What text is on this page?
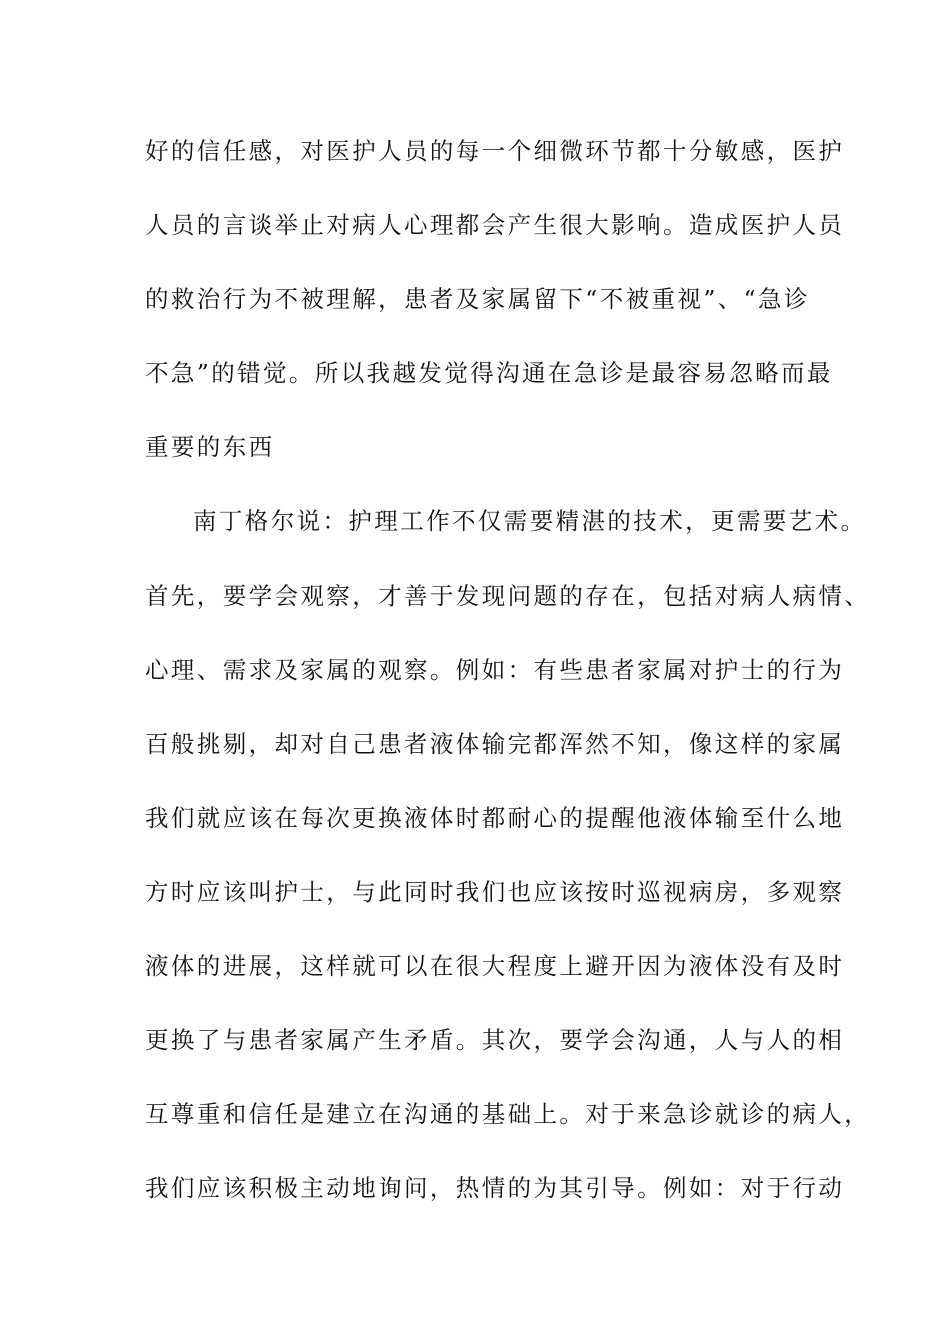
好的信任感，对医护人员的每一个细微环节都十分敏感，医护
人员的言谈举止对病人心理都会产生很大影响。造成医护人员
的救治行为不被理解，患者及家属留下“不被重视”、“急诊
不急”的错觉。所以我越发觉得沟通在急诊是最容易忽略而最
重要的东西
南丁格尔说：护理工作不仅需要精湛的技术，更需要艺术。
首先，要学会观察，才善于发现问题的存在，包括对病人病情、
心理、需求及家属的观察。例如：有些患者家属对护士的行为
百般挑剔，却对自己患者液体输完都浑然不知，像这样的家属
我们就应该在每次更换液体时都耐心的提醒他液体输至什么地
方时应该叫护士，与此同时我们也应该按时巡视病房，多观察
液体的进展，这样就可以在很大程度上避开因为液体没有及时
更换了与患者家属产生矛盾。其次，要学会沟通，人与人的相
互尊重和信任是建立在沟通的基础上。对于来急诊就诊的病人，
我们应该积极主动地询问，热情的为其引导。例如：对于行动
